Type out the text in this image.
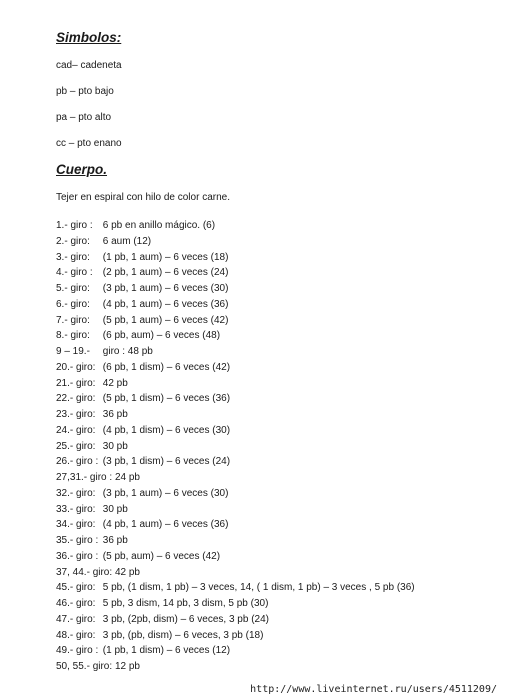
Simbolos:
cad– cadeneta
pb – pto bajo
pa – pto alto
cc – pto enano
Cuerpo.
Tejer en espiral con hilo de color carne.
1.- giro : 6 pb en anillo mágico. (6)
2.- giro: 6 aum (12)
3.- giro: (1 pb, 1 aum) – 6 veces (18)
4.- giro : (2 pb, 1 aum) – 6 veces (24)
5.- giro: (3 pb, 1 aum) – 6 veces (30)
6.- giro: (4 pb, 1 aum) – 6 veces (36)
7.- giro: (5 pb, 1 aum) – 6 veces (42)
8.- giro: (6 pb, aum) – 6 veces (48)
9 – 19.- giro : 48 pb
20.- giro: (6 pb, 1 dism) – 6 veces (42)
21.- giro: 42 pb
22.- giro: (5 pb, 1 dism) – 6 veces (36)
23.- giro: 36 pb
24.- giro: (4 pb, 1 dism) – 6 veces (30)
25.- giro: 30 pb
26.- giro : (3 pb, 1 dism) – 6 veces (24)
27,31.- giro : 24 pb
32.- giro: (3 pb, 1 aum) – 6 veces (30)
33.- giro: 30 pb
34.- giro: (4 pb, 1 aum) – 6 veces (36)
35.- giro : 36 pb
36.- giro : (5 pb, aum) – 6 veces (42)
37, 44.- giro: 42 pb
45.- giro: 5 pb, (1 dism, 1 pb) – 3 veces, 14, ( 1 dism, 1 pb) – 3 veces , 5 pb (36)
46.- giro: 5 pb, 3 dism, 14 pb, 3 dism, 5 pb (30)
47.- giro: 3 pb, (2pb, dism) – 6 veces, 3 pb (24)
48.- giro: 3 pb, (pb, dism) – 6 veces, 3 pb (18)
49.- giro : (1 pb, 1 dism) – 6 veces (12)
50, 55.- giro: 12 pb
http://www.liveinternet.ru/users/4511209/
